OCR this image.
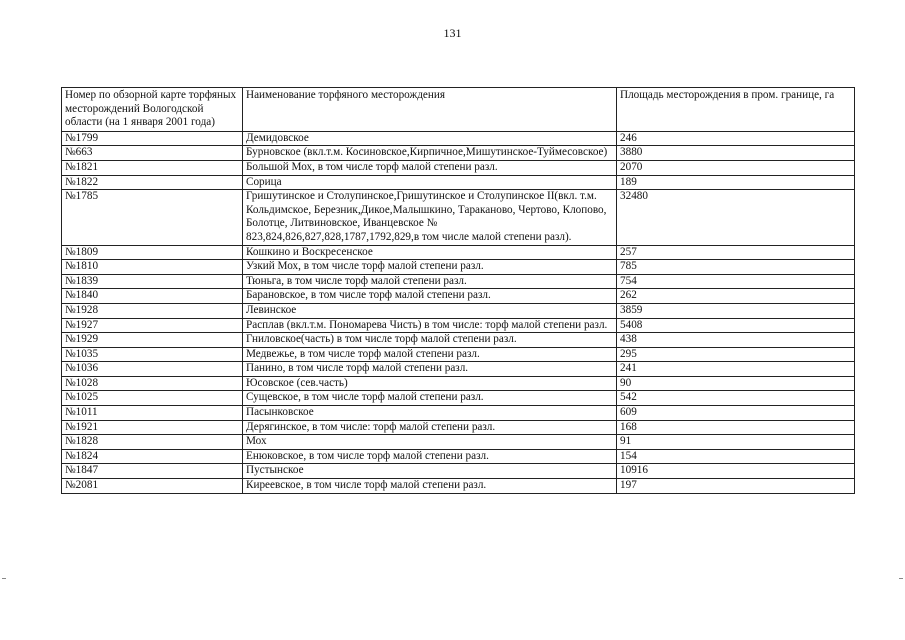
131
Номер по обзорной карте торфяных месторождений Вологодской области (на 1 января 2001 года)	Наименование торфяного месторождения	Площадь месторождения в пром. границе, га
№1799	Демидовское	246
№663	Бурновское (вкл.т.м. Косиновское,Кирпичное,Мишутинское-Туймесовское)	3880
№1821	Большой Мох, в том числе торф малой степени разл.	2070
№1822	Сорица	189
№1785	Гришутинское и Столупинское,Гришутинское и Столупинское II(вкл. т.м. Кольдимское, Березник,Дикое,Малышкино, Тараканово, Чертово, Клопово, Болотце, Литвиновское, Иванцевское № 823,824,826,827,828,1787,1792,829,в том числе малой степени разл).	32480
№1809	Кошкино и Воскресенское	257
№1810	Узкий Мох, в том числе торф малой степени разл.	785
№1839	Тюньга, в том числе торф малой степени разл.	754
№1840	Барановское, в том числе торф малой степени разл.	262
№1928	Левинское	3859
№1927	Расплав (вкл.т.м. Пономарева Чисть) в том числе: торф малой степени разл.	5408
№1929	Гниловское(часть) в том числе торф малой степени разл.	438
№1035	Медвежье, в том числе торф малой степени разл.	295
№1036	Панино, в том числе торф малой степени разл.	241
№1028	Юсовское (сев.часть)	90
№1025	Сущевское, в том числе торф малой степени разл.	542
№1011	Пасынковское	609
№1921	Дерягинское, в том числе: торф малой степени разл.	168
№1828	Мох	91
№1824	Енюковское, в том числе торф малой степени разл.	154
№1847	Пустынское	10916
№2081	Киреевское, в том числе торф малой степени разл.	197
